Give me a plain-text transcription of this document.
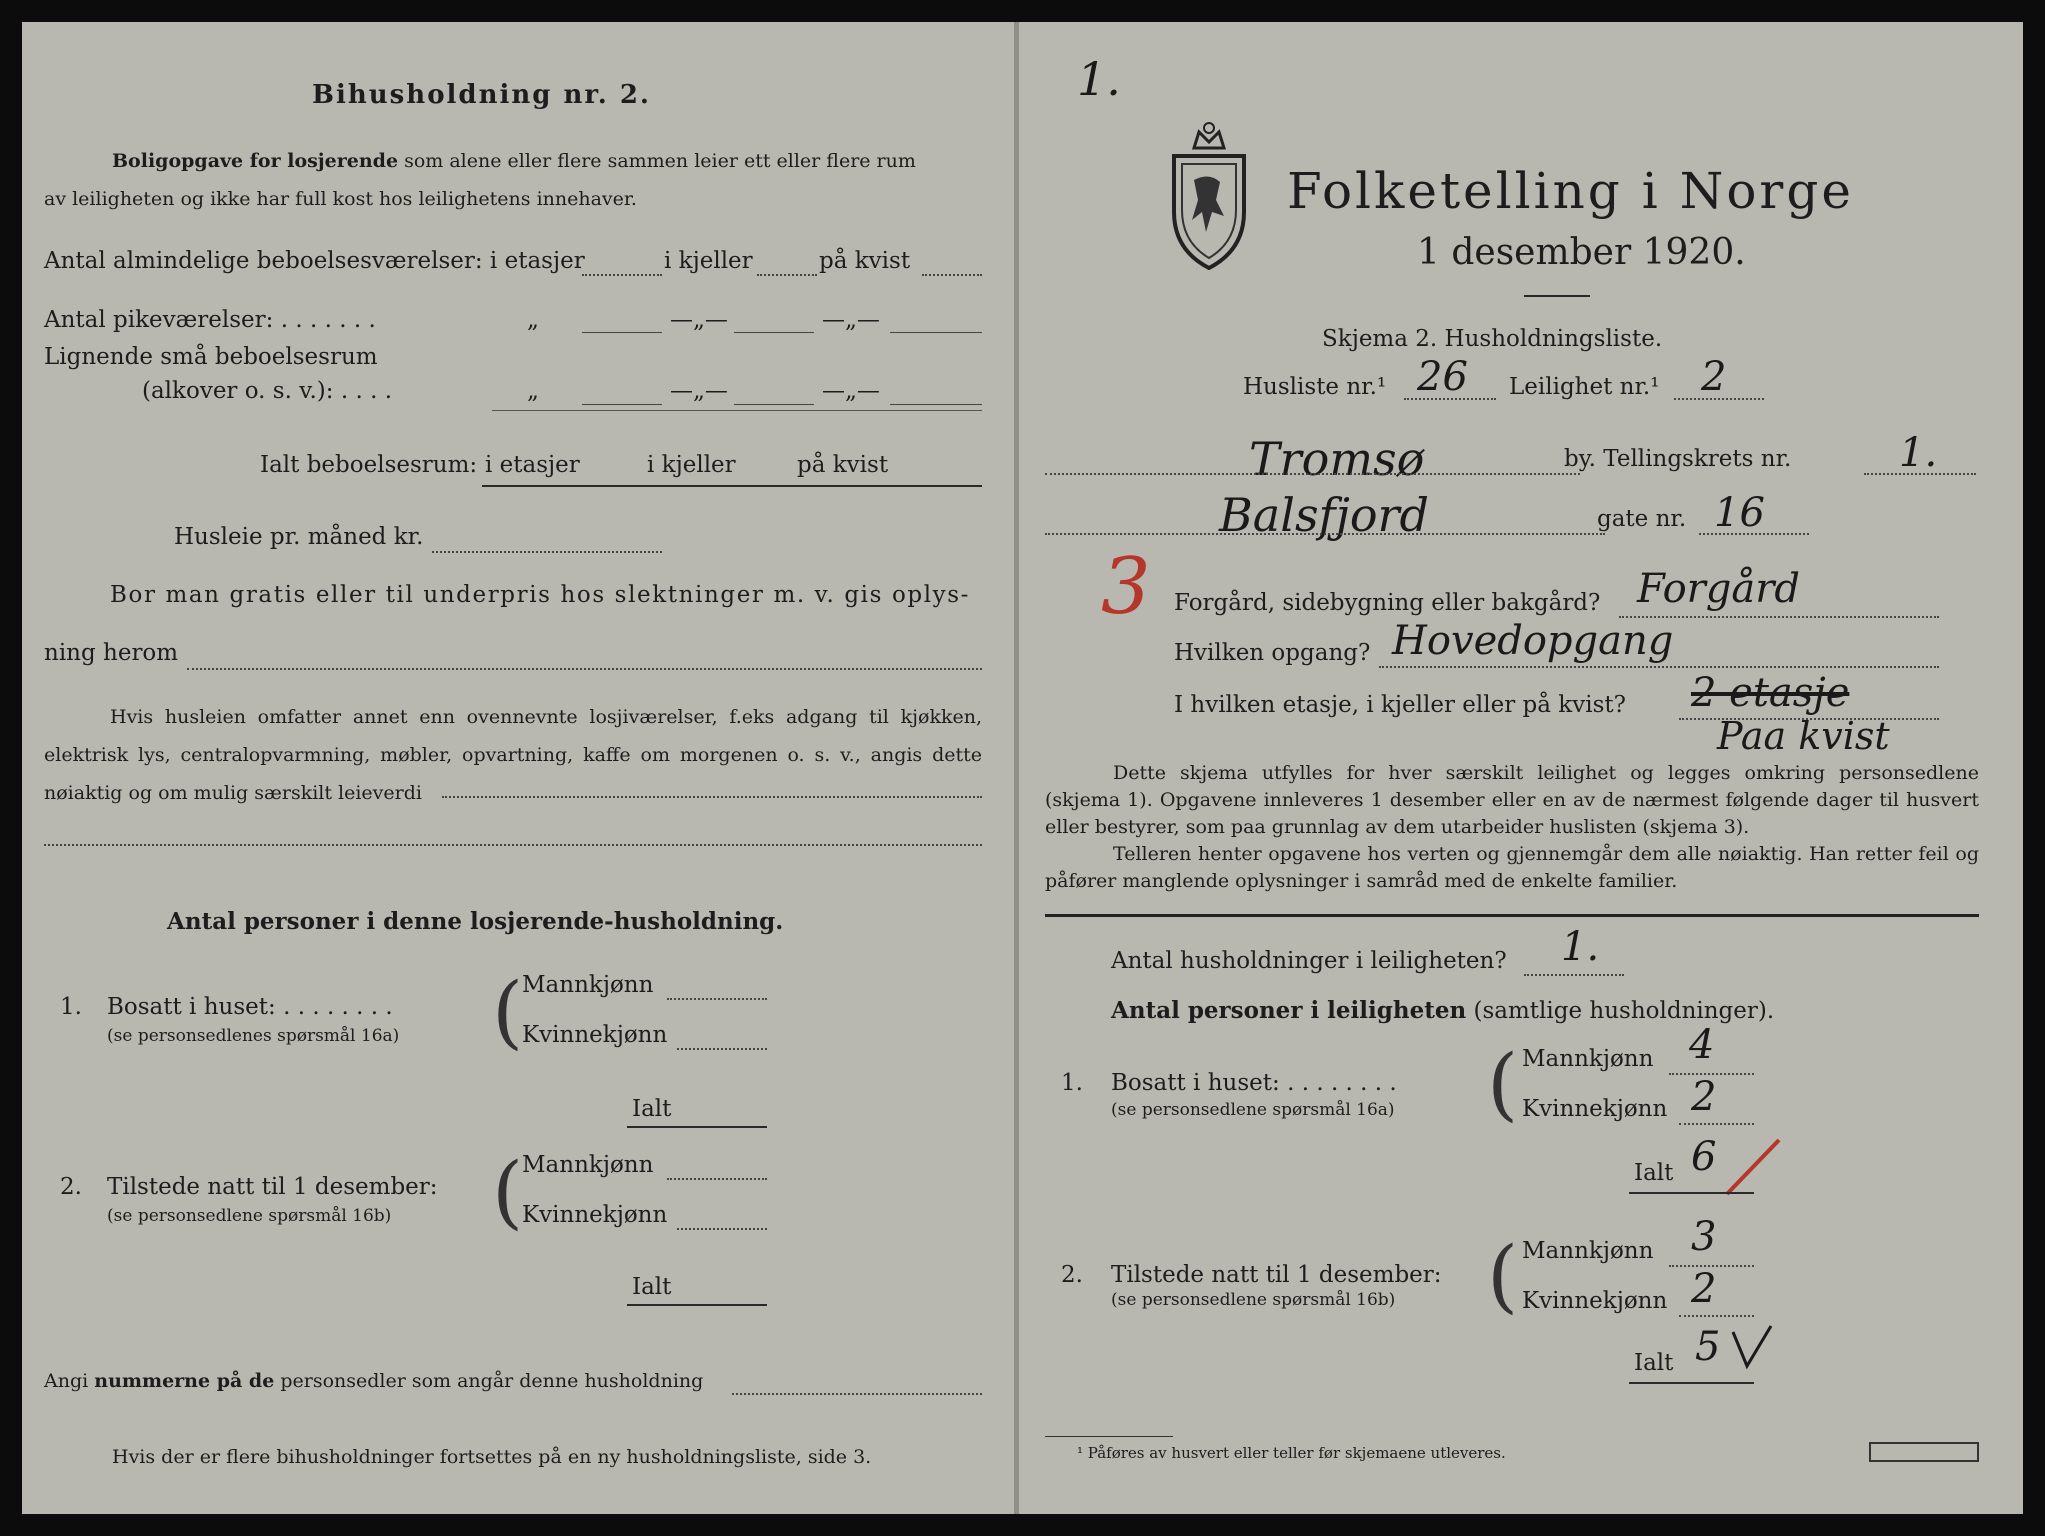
Bihusholdning nr. 2.
Boligopgave for losjerende som alene eller flere sammen leier ett eller flere rum
av leiligheten og ikke har full kost hos leilighetens innehaver.
Antal almindelige beboelsesværelser: i etasjer	i kjeller	på kvist
Antal pikeværelser: . . . . . . .	„	—„—	—„—
Lignende små beboelsesrum
(alkover o. s. v.): . . . .	„	—„—	—„—
Ialt beboelsesrum: i etasjer	i kjeller	på kvist
Husleie pr. måned kr.
Bor man gratis eller til underpris hos slektninger m. v. gis oplys-
ning herom
Hvis husleien omfatter annet enn ovennevnte losjiværelser, f.eks adgang til kjøkken, elektrisk lys, centralopvarmning, møbler, opvartning, kaffe om morgenen o. s. v., angis dette nøiaktig og om mulig særskilt leieverdi
Antal personer i denne losjerende-husholdning.
1. Bosatt i huset: . . . . . . . .
(se personsedlenes spørsmål 16a) (
Mannkjønn
Kvinnekjønn
Ialt
2. Tilstede natt til 1 desember:
(se personsedlene spørsmål 16b) (
Mannkjønn
Kvinnekjønn
Ialt
Angi nummerne på de personsedler som angår denne husholdning
Hvis der er flere bihusholdninger fortsettes på en ny husholdningsliste, side 3.
1.
Folketelling i Norge
1 desember 1920.
Skjema 2. Husholdningsliste.
Husliste nr.¹ 26 Leilighet nr.¹ 2
Tromsø	by. Tellingskrets nr.	1.
Balsfjord	gate nr. 16
3 Forgård, sidebygning eller bakgård? Forgård
Hvilken opgang? Hovedopgang
I hvilken etasje, i kjeller eller på kvist? 2 etasje
Paa kvist
Dette skjema utfylles for hver særskilt leilighet og legges omkring personsedlene (skjema 1). Opgavene innleveres 1 desember eller en av de nærmest følgende dager til husvert eller bestyrer, som paa grunnlag av dem utarbeider huslisten (skjema 3).
Telleren henter opgavene hos verten og gjennemgår dem alle nøiaktig. Han retter feil og påfører manglende oplysninger i samråd med de enkelte familier.
Antal husholdninger i leiligheten? 1.
Antal personer i leiligheten (samtlige husholdninger).
1. Bosatt i huset: . . . . . . . .
(se personsedlene spørsmål 16a) ( Mannkjønn 4
Kvinnekjønn 2
Ialt 6
2. Tilstede natt til 1 desember:
(se personsedlene spørsmål 16b) ( Mannkjønn 3
Kvinnekjønn 2
Ialt 5
¹ Påføres av husvert eller teller før skjemaene utleveres.
